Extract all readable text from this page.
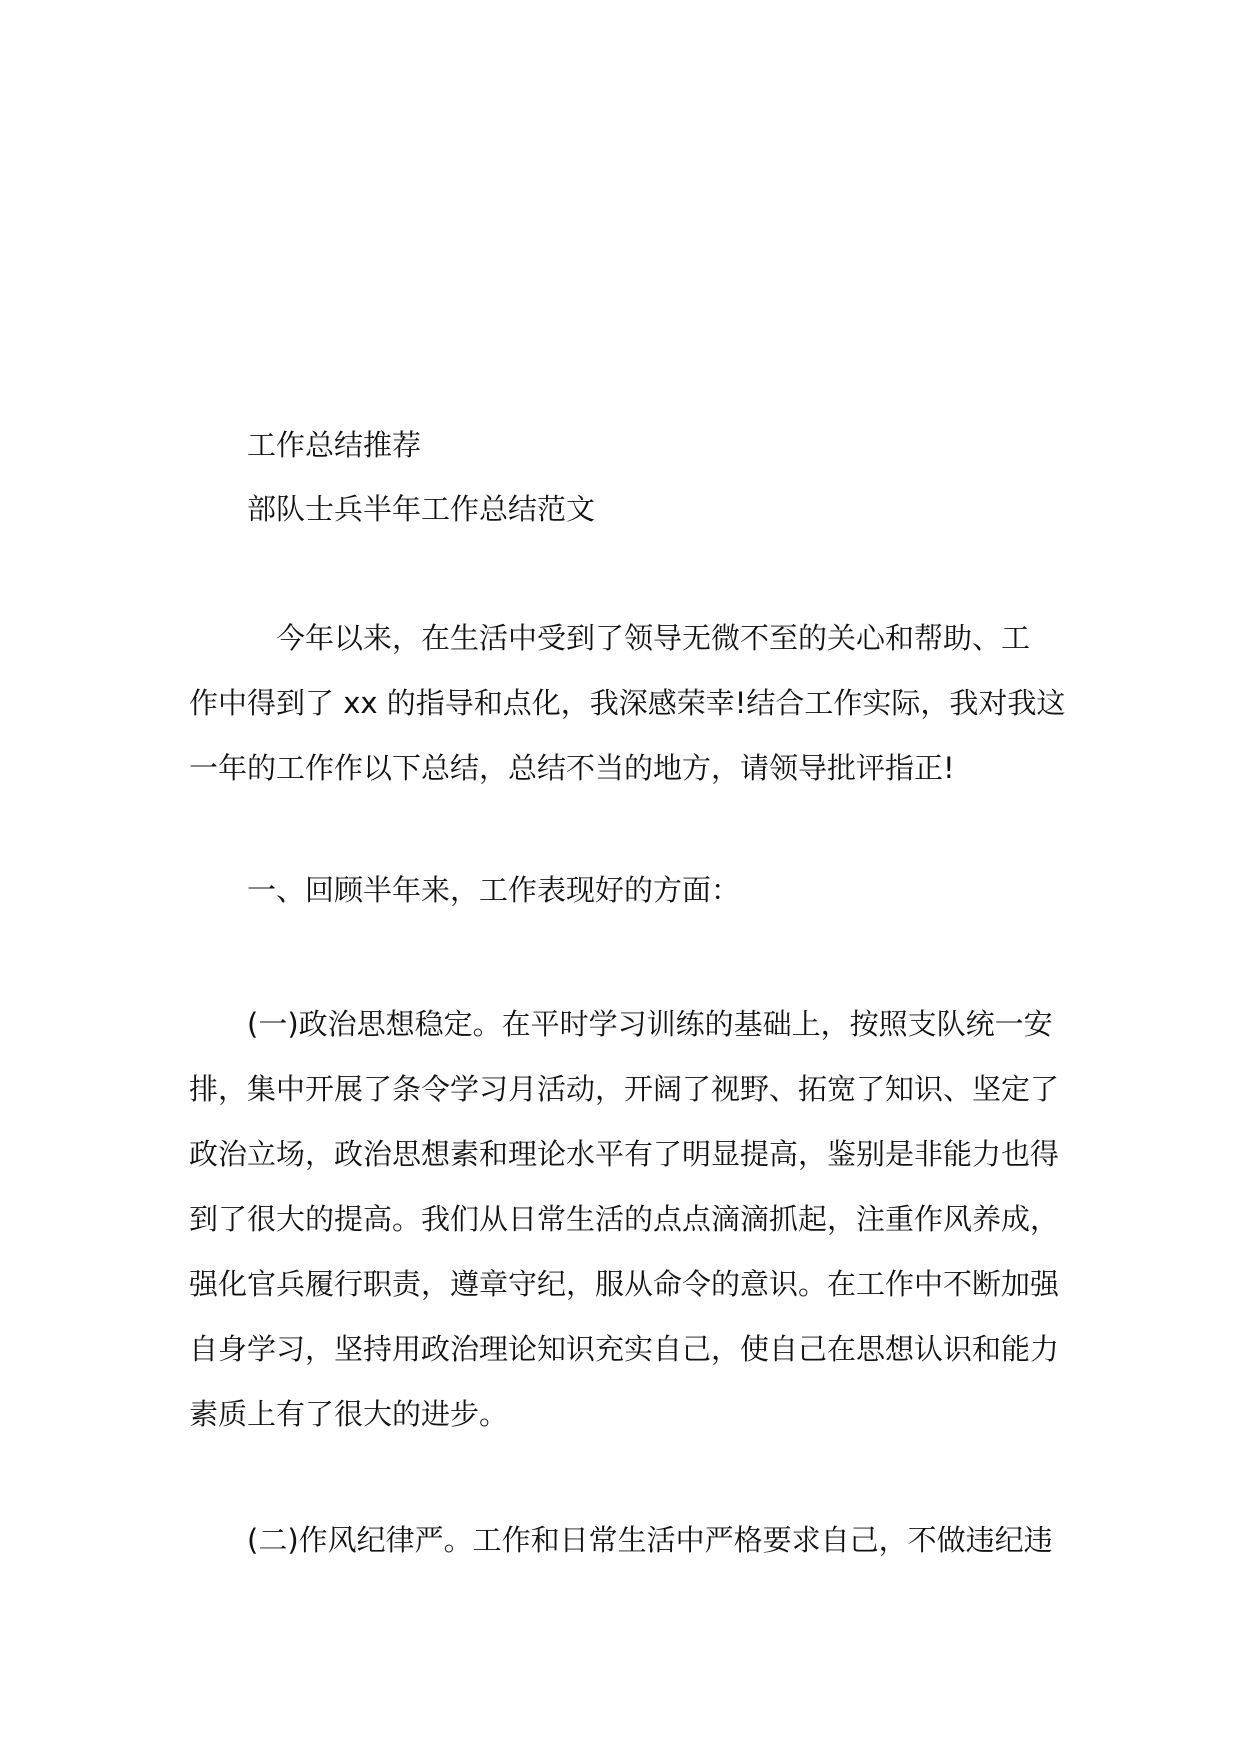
工作总结推荐
部队士兵半年工作总结范文
　　　今年以来，在生活中受到了领导无微不至的关心和帮助、工
作中得到了 xx 的指导和点化，我深感荣幸!结合工作实际，我对我这
一年的工作作以下总结，总结不当的地方，请领导批评指正!
　　一、回顾半年来，工作表现好的方面：
　　(一)政治思想稳定。在平时学习训练的基础上，按照支队统一安
排，集中开展了条令学习月活动，开阔了视野、拓宽了知识、坚定了
政治立场，政治思想素和理论水平有了明显提高，鉴别是非能力也得
到了很大的提高。我们从日常生活的点点滴滴抓起，注重作风养成，
强化官兵履行职责，遵章守纪，服从命令的意识。在工作中不断加强
自身学习，坚持用政治理论知识充实自己，使自己在思想认识和能力
素质上有了很大的进步。
　　(二)作风纪律严。工作和日常生活中严格要求自己，不做违纪违
